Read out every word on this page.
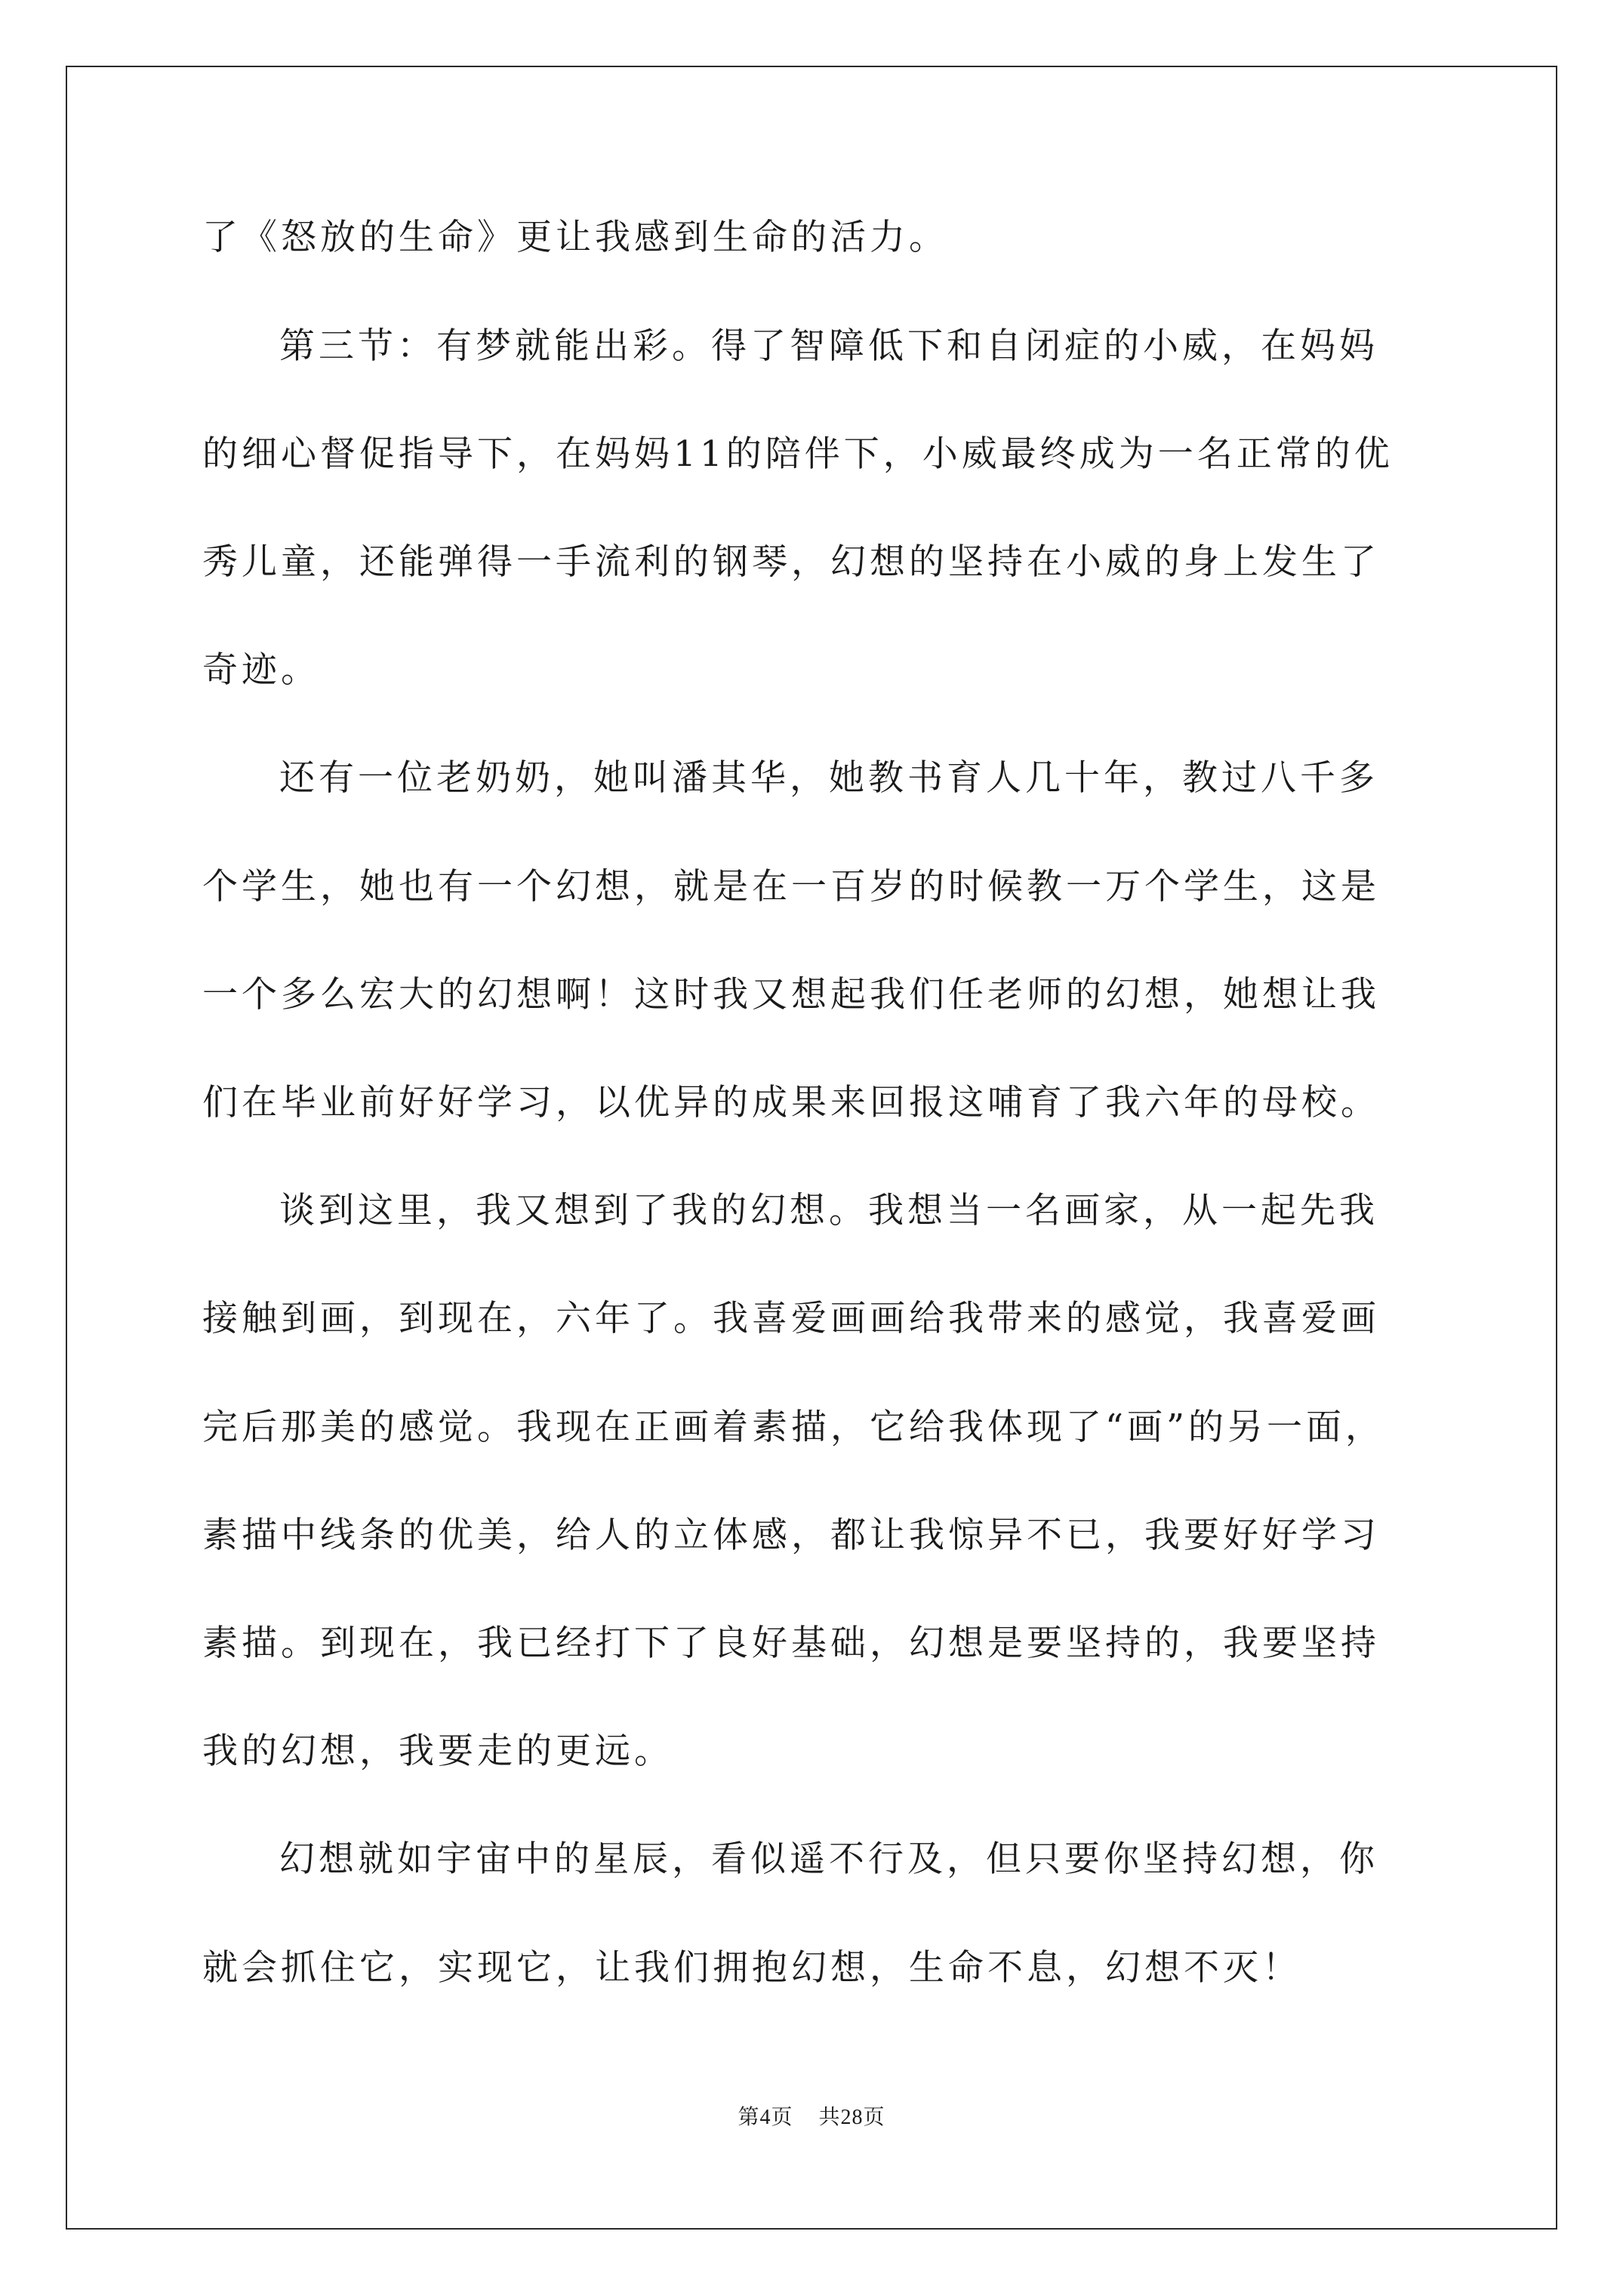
了《怒放的生命》更让我感到生命的活力。
第三节：有梦就能出彩。得了智障低下和自闭症的小威，在妈妈
的细心督促指导下，在妈妈11的陪伴下，小威最终成为一名正常的优
秀儿童，还能弹得一手流利的钢琴，幻想的坚持在小威的身上发生了
奇迹。
还有一位老奶奶，她叫潘其华，她教书育人几十年，教过八千多
个学生，她也有一个幻想，就是在一百岁的时候教一万个学生，这是
一个多么宏大的幻想啊！这时我又想起我们任老师的幻想，她想让我
们在毕业前好好学习，以优异的成果来回报这哺育了我六年的母校。
谈到这里，我又想到了我的幻想。我想当一名画家，从一起先我
接触到画，到现在，六年了。我喜爱画画给我带来的感觉，我喜爱画
完后那美的感觉。我现在正画着素描，它给我体现了“画”的另一面，
素描中线条的优美，给人的立体感，都让我惊异不已，我要好好学习
素描。到现在，我已经打下了良好基础，幻想是要坚持的，我要坚持
我的幻想，我要走的更远。
幻想就如宇宙中的星辰，看似遥不行及，但只要你坚持幻想，你
就会抓住它，实现它，让我们拥抱幻想，生命不息，幻想不灭！
第4页 共28页
